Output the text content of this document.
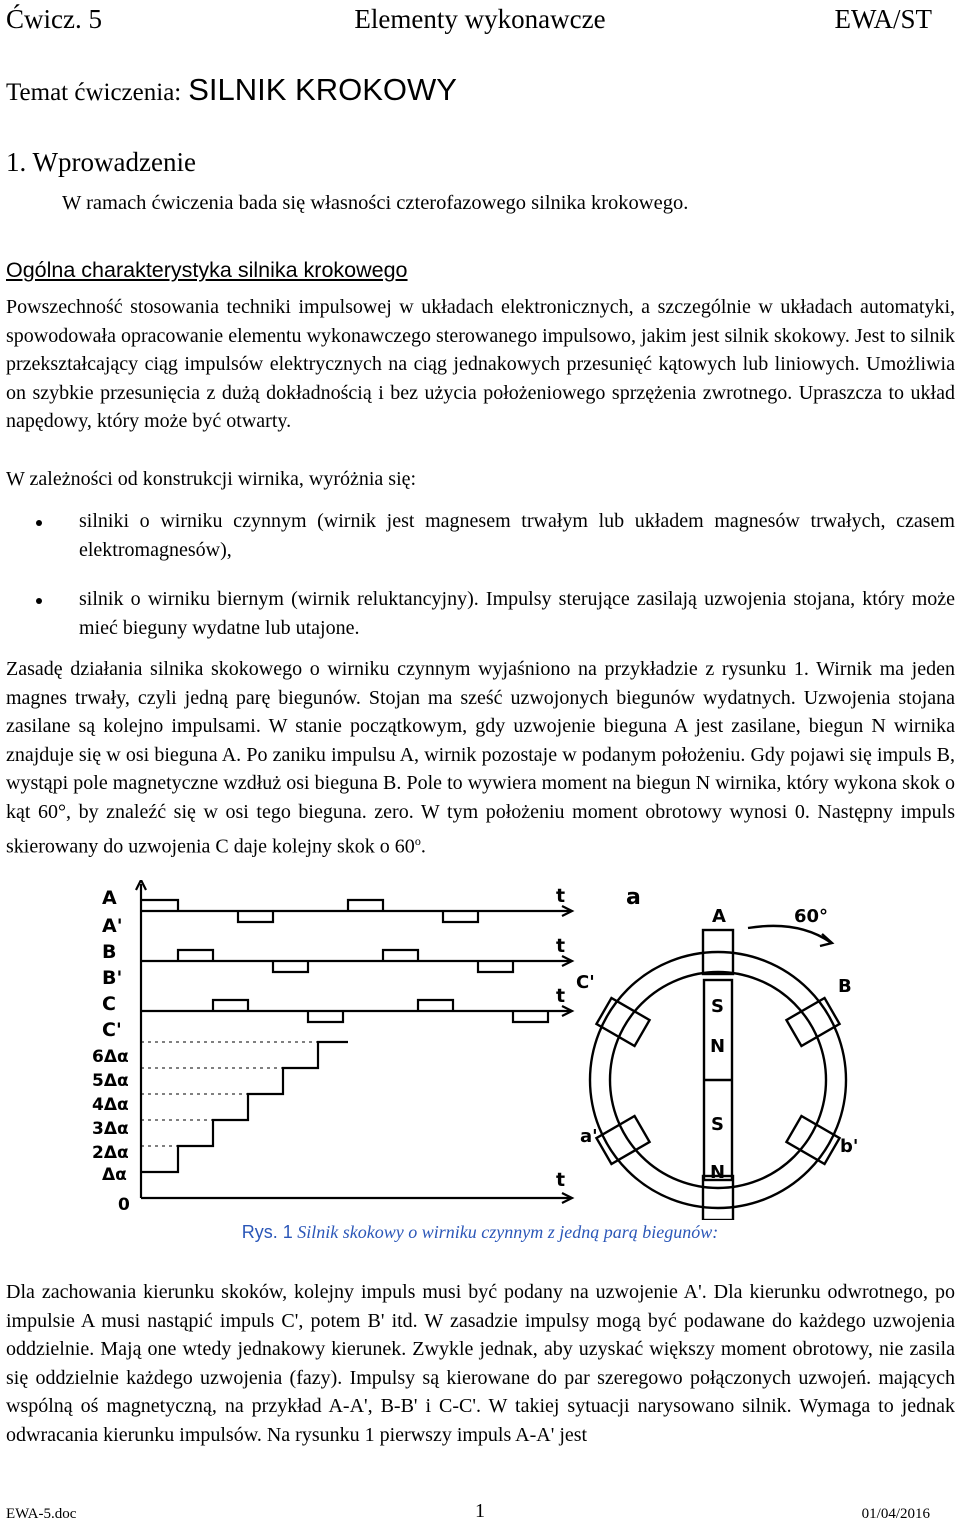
Elementy wykonawcze
Ćwicz. 5	EWA/ST
Temat ćwiczenia: SILNIK KROKOWY
1. Wprowadzenie
W ramach ćwiczenia bada się własności czterofazowego silnika krokowego.
Ogólna charakterystyka silnika krokowego
Powszechność stosowania techniki impulsowej w układach elektronicznych, a szczególnie w układach automatyki, spowodowała opracowanie elementu wykonawczego sterowanego impulsowo, jakim jest silnik skokowy. Jest to silnik przekształcający ciąg impulsów elektrycznych na ciąg jednakowych przesunięć kątowych lub liniowych. Umożliwia on szybkie przesunięcia z dużą dokładnością i bez użycia położeniowego sprzężenia zwrotnego. Upraszcza to układ napędowy, który może być otwarty.
W zależności od konstrukcji wirnika, wyróżnia się:
silniki o wirniku czynnym (wirnik jest magnesem trwałym lub układem magnesów trwałych, czasem elektromagnesów),
silnik o wirniku biernym (wirnik reluktancyjny). Impulsy sterujące zasilają uzwojenia stojana, który może mieć bieguny wydatne lub utajone.
Zasadę działania silnika skokowego o wirniku czynnym wyjaśniono na przykładzie z rysunku 1. Wirnik ma jeden magnes trwały, czyli jedną parę biegunów. Stojan ma sześć uzwojonych biegunów wydatnych. Uzwojenia stojana zasilane są kolejno impulsami. W stanie początkowym, gdy uzwojenie bieguna A jest zasilane, biegun N wirnika znajduje się w osi bieguna A. Po zaniku impulsu A, wirnik pozostaje w podanym położeniu. Gdy pojawi się impuls B, wystąpi pole magnetyczne wzdłuż osi bieguna B. Pole to wywiera moment na biegun N wirnika, który wykona skok o kąt 60°, by znaleźć się w osi tego bieguna. zero. W tym położeniu moment obrotowy wynosi 0. Następny impuls skierowany do uzwojenia C daje kolejny skok o 60$^o$.
A
A'
B
B'
C
C'
6Δα
5Δα
4Δα
3Δα
2Δα
Δα
0
t
t
t
t
a
A	60°
B
C'
a'	b'
S
N
S
N
Rys. 1 Silnik skokowy o wirniku czynnym z jedną parą biegunów:
Dla zachowania kierunku skoków, kolejny impuls musi być podany na uzwojenie A'. Dla kierunku odwrotnego, po impulsie A musi nastąpić impuls C', potem B' itd. W zasadzie impulsy mogą być podawane do każdego uzwojenia oddzielnie. Mają one wtedy jednakowy kierunek. Zwykle jednak, aby uzyskać większy moment obrotowy, nie zasila się oddzielnie każdego uzwojenia (fazy). Impulsy są kierowane do par szeregowo połączonych uzwojeń. mających wspólną oś magnetyczną, na przykład A-A', B-B' i C-C'. W takiej sytuacji narysowano silnik. Wymaga to jednak odwracania kierunku impulsów. Na rysunku 1 pierwszy impuls A-A' jest
EWA-5.doc	1	01/04/2016
